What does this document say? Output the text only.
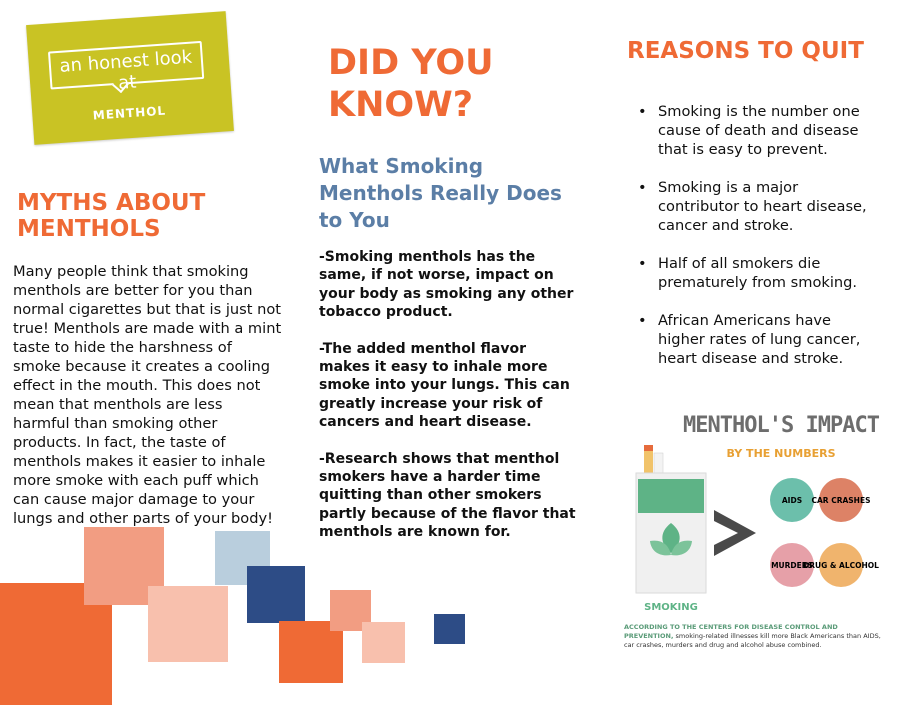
an honest look at
MENTHOL
MYTHS ABOUT MENTHOLS
Many people think that smoking menthols are better for you than normal cigarettes but that is just not true! Menthols are made with a mint taste to hide the harshness of smoke because it creates a cooling effect in the mouth. This does not mean that menthols are less harmful than smoking other products. In fact, the taste of menthols makes it easier to inhale more smoke with each puff which can cause major damage to your lungs and other parts of your body!
DID YOU KNOW?
What Smoking Menthols Really Does to You

-Smoking menthols has the same, if not worse, impact on your body as smoking any other tobacco product.

-The added menthol flavor makes it easy to inhale more smoke into your lungs. This can greatly increase your risk of cancers and heart disease.

-Research shows that menthol smokers have a harder time quitting than other smokers partly because of the flavor that menthols are known for.

REASONS TO QUIT
• Smoking is the number one cause of death and disease that is easy to prevent.
• Smoking is a major contributor to heart disease, cancer and stroke.
• Half of all smokers die prematurely from smoking.
• African Americans have higher rates of lung cancer, heart disease and stroke.
MENTHOL'S IMPACT
BY THE NUMBERS
SMOKING
AIDS CAR CRASHES
MURDERS
DRUG & ALCOHOL
ACCORDING TO THE CENTERS FOR DISEASE CONTROL AND PREVENTION, smoking-related illnesses kill more Black Americans than AIDS, car crashes, murders and drug and alcohol abuse combined.
